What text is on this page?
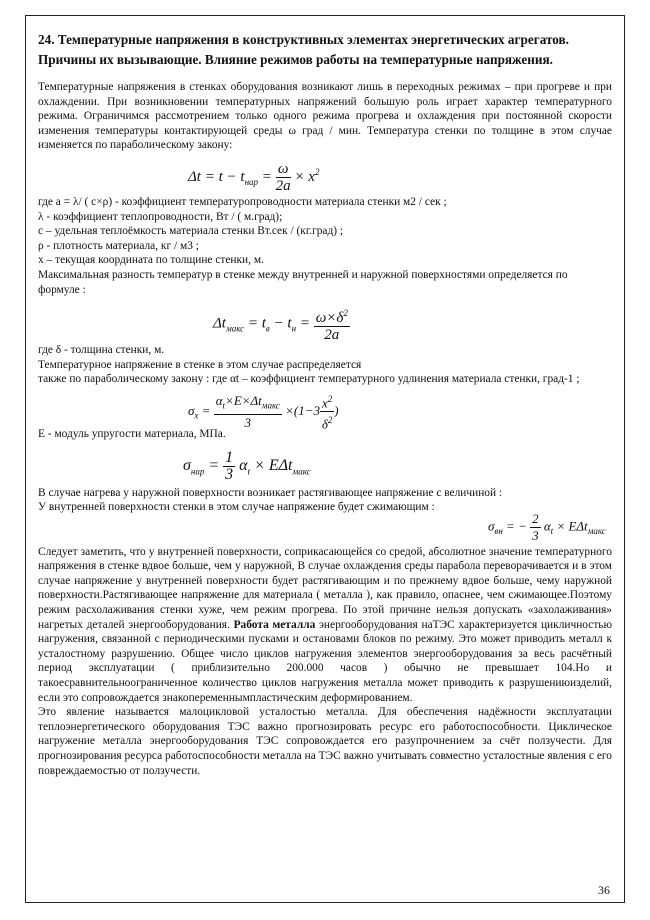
24. Температурные напряжения в конструктивных элементах энергетических агрегатов. Причины их вызывающие. Влияние режимов работы на температурные напряжения.

Температурные напряжения в стенках оборудования возникают лишь в переходных режимах – при прогреве и при охлаждении. При возникновении температурных напряжений большую роль играет характер температурного режима. Ограничимся рассмотрением только одного режима прогрева и охлаждения при постоянной скорости изменения температуры контактирующей среды ω град / мин. Температура стенки по толщине в этом случае изменяется по параболическому закону:

$\Delta t = t - t_{нар} = \frac{\omega}{2a} \times x^2$

где а = λ/ ( c×ρ) - коэффициент температуропроводности материала стенки м2 / сек ;

λ - коэффициент теплопроводности, Вт / ( м.град);

с – удельная теплоёмкость материала стенки Вт.сек / (кг.град) ;

ρ - плотность материала, кг / м3 ;

х – текущая координата по толщине стенки, м.

Максимальная разность температур в стенке между внутренней и наружной поверхностями определяется по формуле :

$\Delta t_{макс} = t_в - t_н = \frac{\omega\times\delta^2}{2a}$

где δ - толщина стенки, м.

Температурное напряжение в стенке в этом случае распределяется

также по параболическому закону : где αt – коэффициент температурного удлинения материала стенки, град-1 ;

$\sigma_x = \frac{\alpha_t\times E\times\Delta t_{макс}}{3} \times(1-3 \frac{x^2}{\delta^2}$ )

Е - модуль упругости материала, МПа.

$\sigma_{нар} = \frac{1}{3} \alpha_t \times E\Delta t_{макс}$

В случае нагрева у наружной поверхности возникает растягивающее напряжение с величиной :

У внутренней поверхности стенки в этом случае напряжение будет сжимающим :

$\sigma_{вн}$ = − $\frac{2}{3} \alpha_t \times E\Delta t_{макс}$

Следует заметить, что у внутренней поверхности, соприкасающейся со средой, абсолютное значение температурного напряжения в стенке вдвое больше, чем у наружной, В случае охлаждения среды парабола переворачивается и в этом случае напряжение у внутренней поверхности будет растягивающим и по прежнему вдвое больше, чему наружной поверхности.Растягивающее напряжение для материала ( металла ), как правило, опаснее, чем сжимающее.Поэтому режим расхолаживания стенки хуже, чем режим прогрева. По этой причине нельзя допускать «захолаживания» нагретых деталей энергооборудования. Работа металла энергооборудования наТЭС характеризуется цикличностью нагружения, связанной с периодическими пусками и остановами блоков по режиму. Это может приводить металл к усталостному разрушению. Общее число циклов нагружения элементов энергооборудования за весь расчётный период эксплуатации ( приблизительно 200.000 часов ) обычно не превышает 104.Но и такоесравнительноограниченное количество циклов нагружения металла может приводить к разрушениюизделий, если это сопровождается знакопеременнымпластическим деформированием.

Это явление называется малоцикловой усталостью металла. Для обеспечения надёжности эксплуатации теплоэнергетического оборудования ТЭС важно прогнозировать ресурс его работоспособности. Циклическое нагружение металла энергооборудования ТЭС сопровождается его разупрочнением за счёт ползучести. Для прогнозирования ресурса работоспособности металла на ТЭС важно учитывать совместно усталостные явления с его повреждаемостью от ползучести.

36
